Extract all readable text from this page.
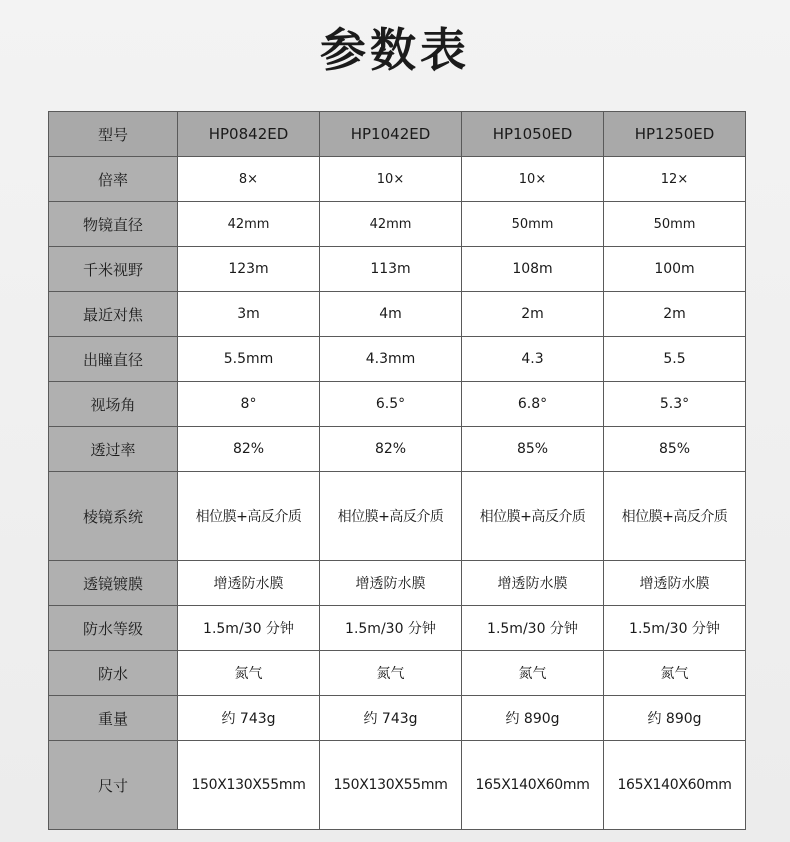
参数表
型号	HP0842ED	HP1042ED	HP1050ED	HP1250ED
倍率	8×	10×	10×	12×
物镜直径	42mm	42mm	50mm	50mm
千米视野	123m	113m	108m	100m
最近对焦	3m	4m	2m	2m
出瞳直径	5.5mm	4.3mm	4.3	5.5
视场角	8°	6.5°	6.8°	5.3°
透过率	82%	82%	85%	85%
棱镜系统	相位膜+高反介质	相位膜+高反介质	相位膜+高反介质	相位膜+高反介质
透镜镀膜	增透防水膜	增透防水膜	增透防水膜	增透防水膜
防水等级	1.5m/30 分钟	1.5m/30 分钟	1.5m/30 分钟	1.5m/30 分钟
防水	氮气	氮气	氮气	氮气
重量	约 743g	约 743g	约 890g	约 890g
尺寸	150X130X55mm	150X130X55mm	165X140X60mm	165X140X60mm
